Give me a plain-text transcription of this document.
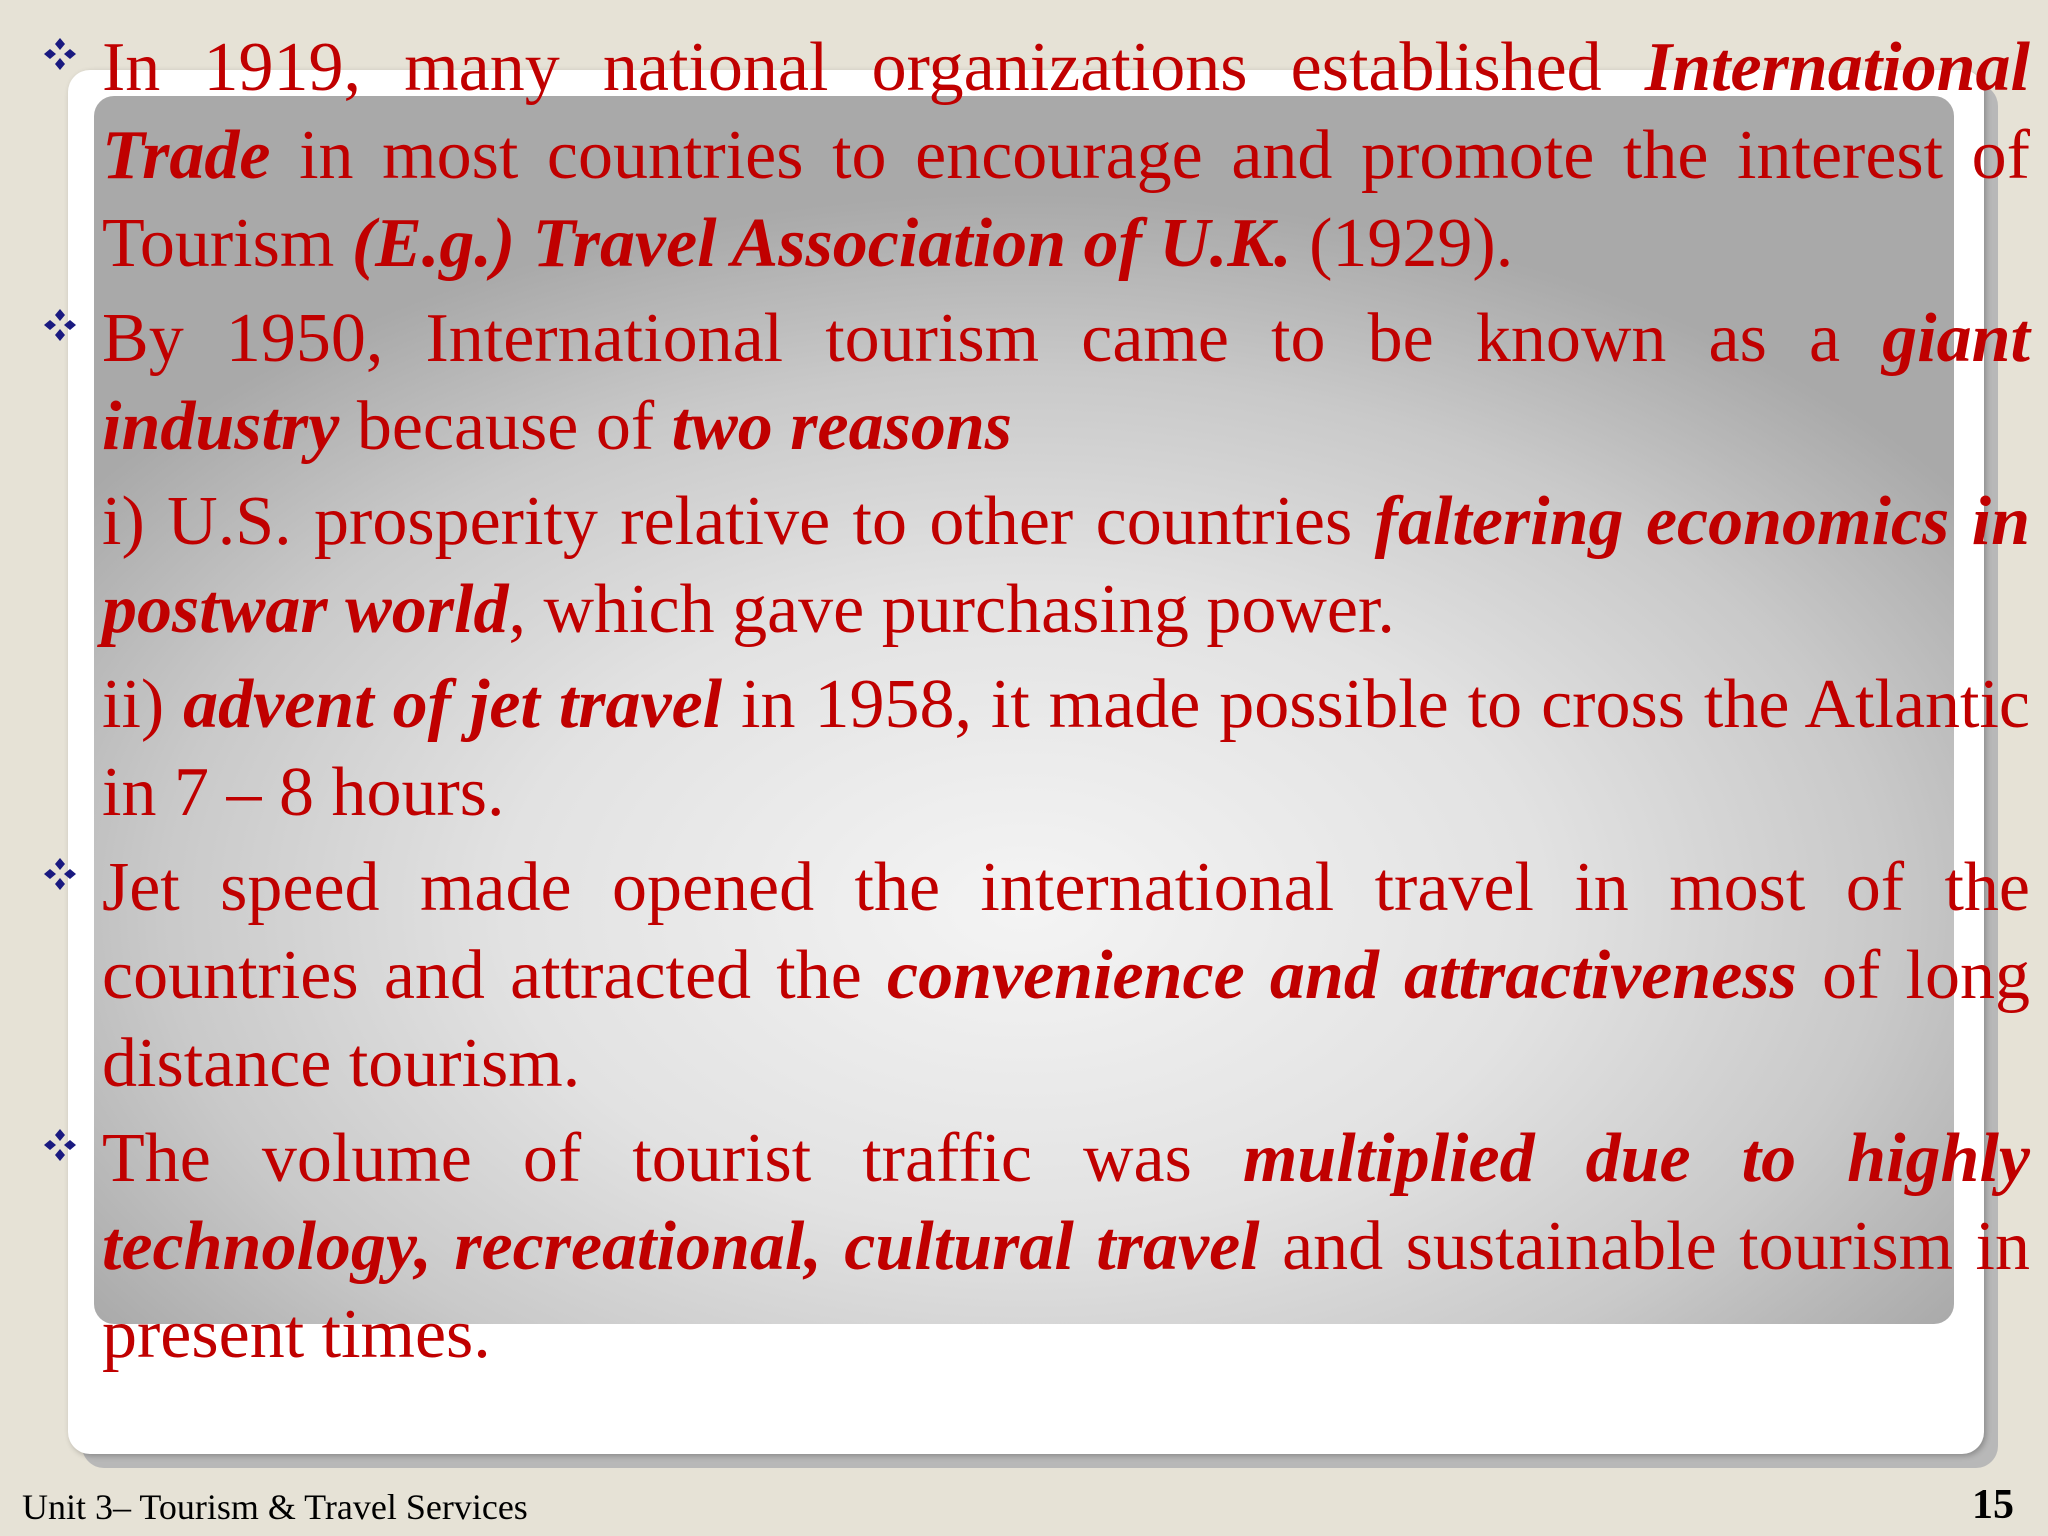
In 1919, many national organizations established International Trade in most countries to encourage and promote the interest of Tourism (E.g.) Travel Association of U.K. (1929).

By 1950, International tourism came to be known as a giant industry because of two reasons

i) U.S. prosperity relative to other countries faltering economics in postwar world, which gave purchasing power.

ii) advent of jet travel in 1958, it made possible to cross the Atlantic in 7 – 8 hours.

Jet speed made opened the international travel in most of the countries and attracted the convenience and attractiveness of long distance tourism.

The volume of tourist traffic was multiplied due to highly technology, recreational, cultural travel and sustainable tourism in present times.

Unit 3– Tourism & Travel Services	15
